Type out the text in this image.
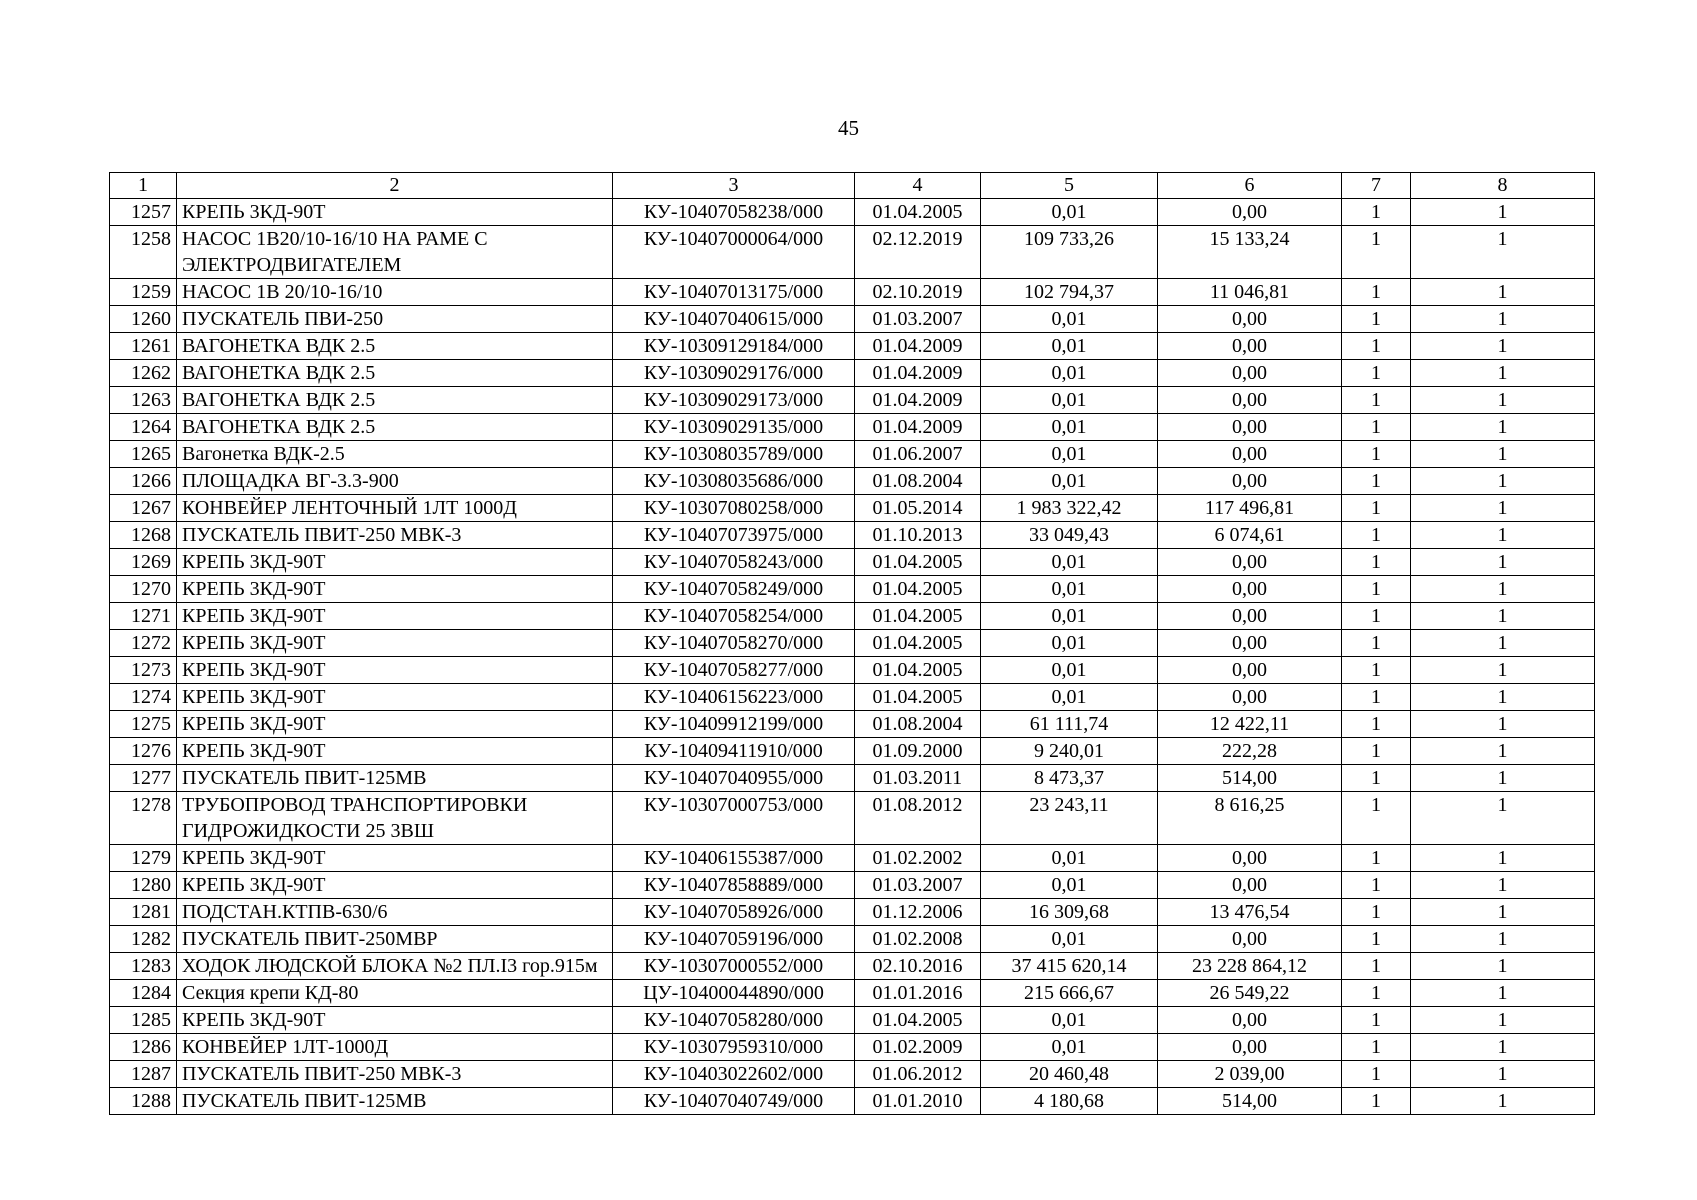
45
1	2	3	4	5	6	7	8
1257	КРЕПЬ 3КД-90Т	КУ-10407058238/000	01.04.2005	0,01	0,00	1	1
1258	НАСОС 1В20/10-16/10 НА РАМЕ С ЭЛЕКТРОДВИГАТЕЛЕМ	КУ-10407000064/000	02.12.2019	109 733,26	15 133,24	1	1
1259	НАСОС 1В 20/10-16/10	КУ-10407013175/000	02.10.2019	102 794,37	11 046,81	1	1
1260	ПУСКАТЕЛЬ ПВИ-250	КУ-10407040615/000	01.03.2007	0,01	0,00	1	1
1261	ВАГОНЕТКА ВДК 2.5	КУ-10309129184/000	01.04.2009	0,01	0,00	1	1
1262	ВАГОНЕТКА ВДК 2.5	КУ-10309029176/000	01.04.2009	0,01	0,00	1	1
1263	ВАГОНЕТКА ВДК 2.5	КУ-10309029173/000	01.04.2009	0,01	0,00	1	1
1264	ВАГОНЕТКА ВДК 2.5	КУ-10309029135/000	01.04.2009	0,01	0,00	1	1
1265	Вагонетка ВДК-2.5	КУ-10308035789/000	01.06.2007	0,01	0,00	1	1
1266	ПЛОЩАДКА ВГ-3.3-900	КУ-10308035686/000	01.08.2004	0,01	0,00	1	1
1267	КОНВЕЙЕР ЛЕНТОЧНЫЙ 1ЛТ 1000Д	КУ-10307080258/000	01.05.2014	1 983 322,42	117 496,81	1	1
1268	ПУСКАТЕЛЬ ПВИТ-250 МВК-3	КУ-10407073975/000	01.10.2013	33 049,43	6 074,61	1	1
1269	КРЕПЬ 3КД-90Т	КУ-10407058243/000	01.04.2005	0,01	0,00	1	1
1270	КРЕПЬ 3КД-90Т	КУ-10407058249/000	01.04.2005	0,01	0,00	1	1
1271	КРЕПЬ 3КД-90Т	КУ-10407058254/000	01.04.2005	0,01	0,00	1	1
1272	КРЕПЬ 3КД-90Т	КУ-10407058270/000	01.04.2005	0,01	0,00	1	1
1273	КРЕПЬ 3КД-90Т	КУ-10407058277/000	01.04.2005	0,01	0,00	1	1
1274	КРЕПЬ 3КД-90Т	КУ-10406156223/000	01.04.2005	0,01	0,00	1	1
1275	КРЕПЬ 3КД-90Т	КУ-10409912199/000	01.08.2004	61 111,74	12 422,11	1	1
1276	КРЕПЬ 3КД-90Т	КУ-10409411910/000	01.09.2000	9 240,01	222,28	1	1
1277	ПУСКАТЕЛЬ ПВИТ-125МВ	КУ-10407040955/000	01.03.2011	8 473,37	514,00	1	1
1278	ТРУБОПРОВОД ТРАНСПОРТИРОВКИ ГИДРОЖИДКОСТИ 25 3ВШ	КУ-10307000753/000	01.08.2012	23 243,11	8 616,25	1	1
1279	КРЕПЬ 3КД-90Т	КУ-10406155387/000	01.02.2002	0,01	0,00	1	1
1280	КРЕПЬ 3КД-90Т	КУ-10407858889/000	01.03.2007	0,01	0,00	1	1
1281	ПОДСТАН.КТПВ-630/6	КУ-10407058926/000	01.12.2006	16 309,68	13 476,54	1	1
1282	ПУСКАТЕЛЬ ПВИТ-250МВР	КУ-10407059196/000	01.02.2008	0,01	0,00	1	1
1283	ХОДОК ЛЮДСКОЙ БЛОКА №2 ПЛ.I3 гор.915м	КУ-10307000552/000	02.10.2016	37 415 620,14	23 228 864,12	1	1
1284	Секция крепи КД-80	ЦУ-10400044890/000	01.01.2016	215 666,67	26 549,22	1	1
1285	КРЕПЬ 3КД-90Т	КУ-10407058280/000	01.04.2005	0,01	0,00	1	1
1286	КОНВЕЙЕР 1ЛТ-1000Д	КУ-10307959310/000	01.02.2009	0,01	0,00	1	1
1287	ПУСКАТЕЛЬ ПВИТ-250 МВК-3	КУ-10403022602/000	01.06.2012	20 460,48	2 039,00	1	1
1288	ПУСКАТЕЛЬ ПВИТ-125МВ	КУ-10407040749/000	01.01.2010	4 180,68	514,00	1	1
